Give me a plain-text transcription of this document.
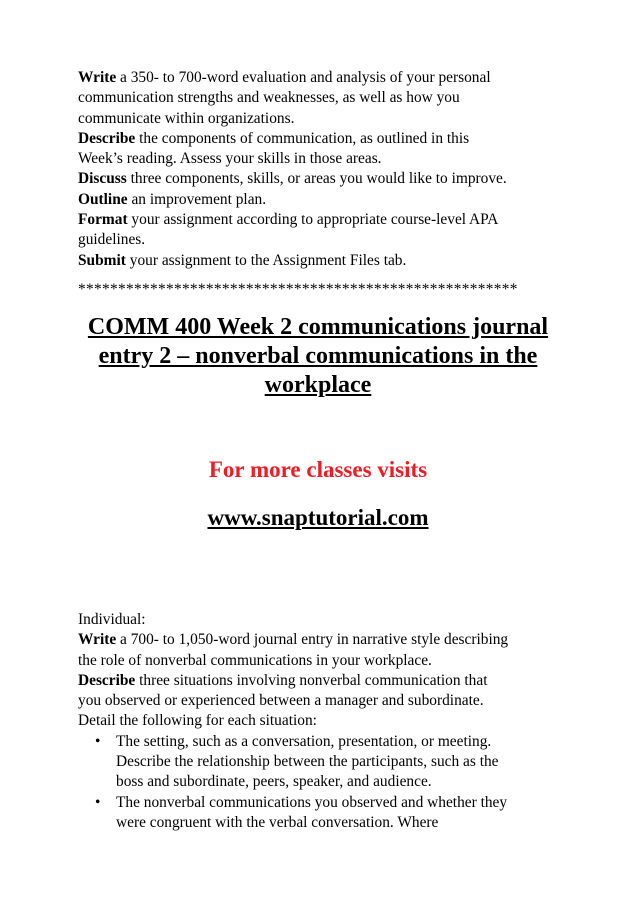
Write a 350- to 700-word evaluation and analysis of your personal

communication strengths and weaknesses, as well as how you

communicate within organizations.

Describe the components of communication, as outlined in this

Week’s reading. Assess your skills in those areas.

Discuss three components, skills, or areas you would like to improve.

Outline an improvement plan.

Format your assignment according to appropriate course-level APA

guidelines.

Submit your assignment to the Assignment Files tab.

*******************************************************
COMM 400 Week 2 communications journal
entry 2 – nonverbal communications in the
workplace

For more classes visits

www.snaptutorial.com

Individual:

Write a 700- to 1,050-word journal entry in narrative style describing

the role of nonverbal communications in your workplace.

Describe three situations involving nonverbal communication that

you observed or experienced between a manager and subordinate.

Detail the following for each situation:

• The setting, such as a conversation, presentation, or meeting.
Describe the relationship between the participants, such as the
boss and subordinate, peers, speaker, and audience.
• The nonverbal communications you observed and whether they
were congruent with the verbal conversation. Where
